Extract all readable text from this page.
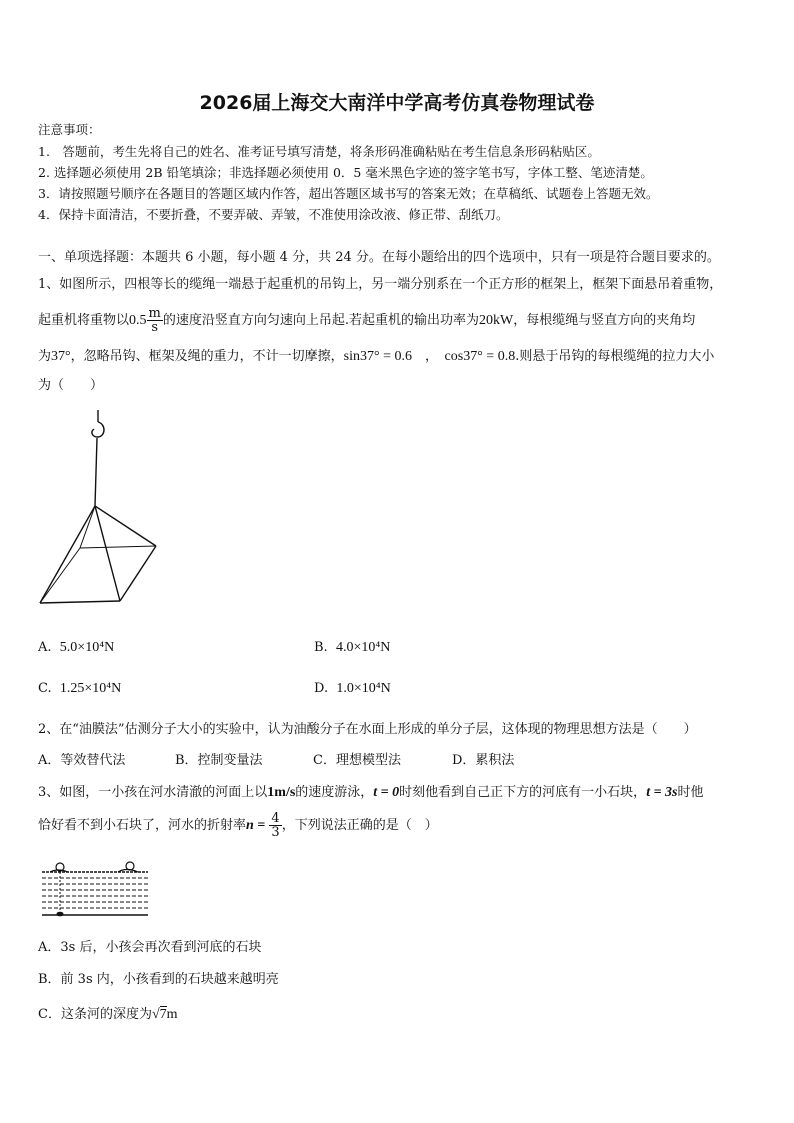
2026届上海交大南洋中学高考仿真卷物理试卷
注意事项：
1.　答题前，考生先将自己的姓名、准考证号填写清楚，将条形码准确粘贴在考生信息条形码粘贴区。
2. 选择题必须使用 2B 铅笔填涂；非选择题必须使用 0．5 毫米黑色字迹的签字笔书写，字体工整、笔迹清楚。
3．请按照题号顺序在各题目的答题区域内作答，超出答题区域书写的答案无效；在草稿纸、试题卷上答题无效。
4．保持卡面清洁，不要折叠，不要弄破、弄皱，不准使用涂改液、修正带、刮纸刀。
一、单项选择题：本题共 6 小题，每小题 4 分，共 24 分。在每小题给出的四个选项中，只有一项是符合题目要求的。
1、如图所示，四根等长的缆绳一端悬于起重机的吊钩上，另一端分别系在一个正方形的框架上，框架下面悬吊着重物，
起重机将重物以$0.5 \frac{m}{s}$ 的速度沿竖直方向匀速向上吊起.若起重机的输出功率为20kW，每根缆绳与竖直方向的夹角均
为37°，忽略吊钩、框架及绳的重力，不计一切摩擦，sin37° = 0.6　 ，　 cos37° = 0.8.则悬于吊钩的每根缆绳的拉力大小
为（　　）
A. 5.0×10⁴N	B. 4.0×10⁴N
C. 1.25×10⁴N	D. 1.0×10⁴N
2、在“油膜法”估测分子大小的实验中，认为油酸分子在水面上形成的单分子层，这体现的物理思想方法是（　　）
A．等效替代法	B．控制变量法	C．理想模型法	D．累积法
3、如图，一小孩在河水清澈的河面上以1m/s的速度游泳，t = 0时刻他看到自己正下方的河底有一小石块，t = 3s时他
恰好看不到小石块了，河水的折射率$n = \frac{4}{3}$ ，下列说法正确的是（　）
A．3s 后，小孩会再次看到河底的石块
B．前 3s 内，小孩看到的石块越来越明亮
C．这条河的深度为√7m
